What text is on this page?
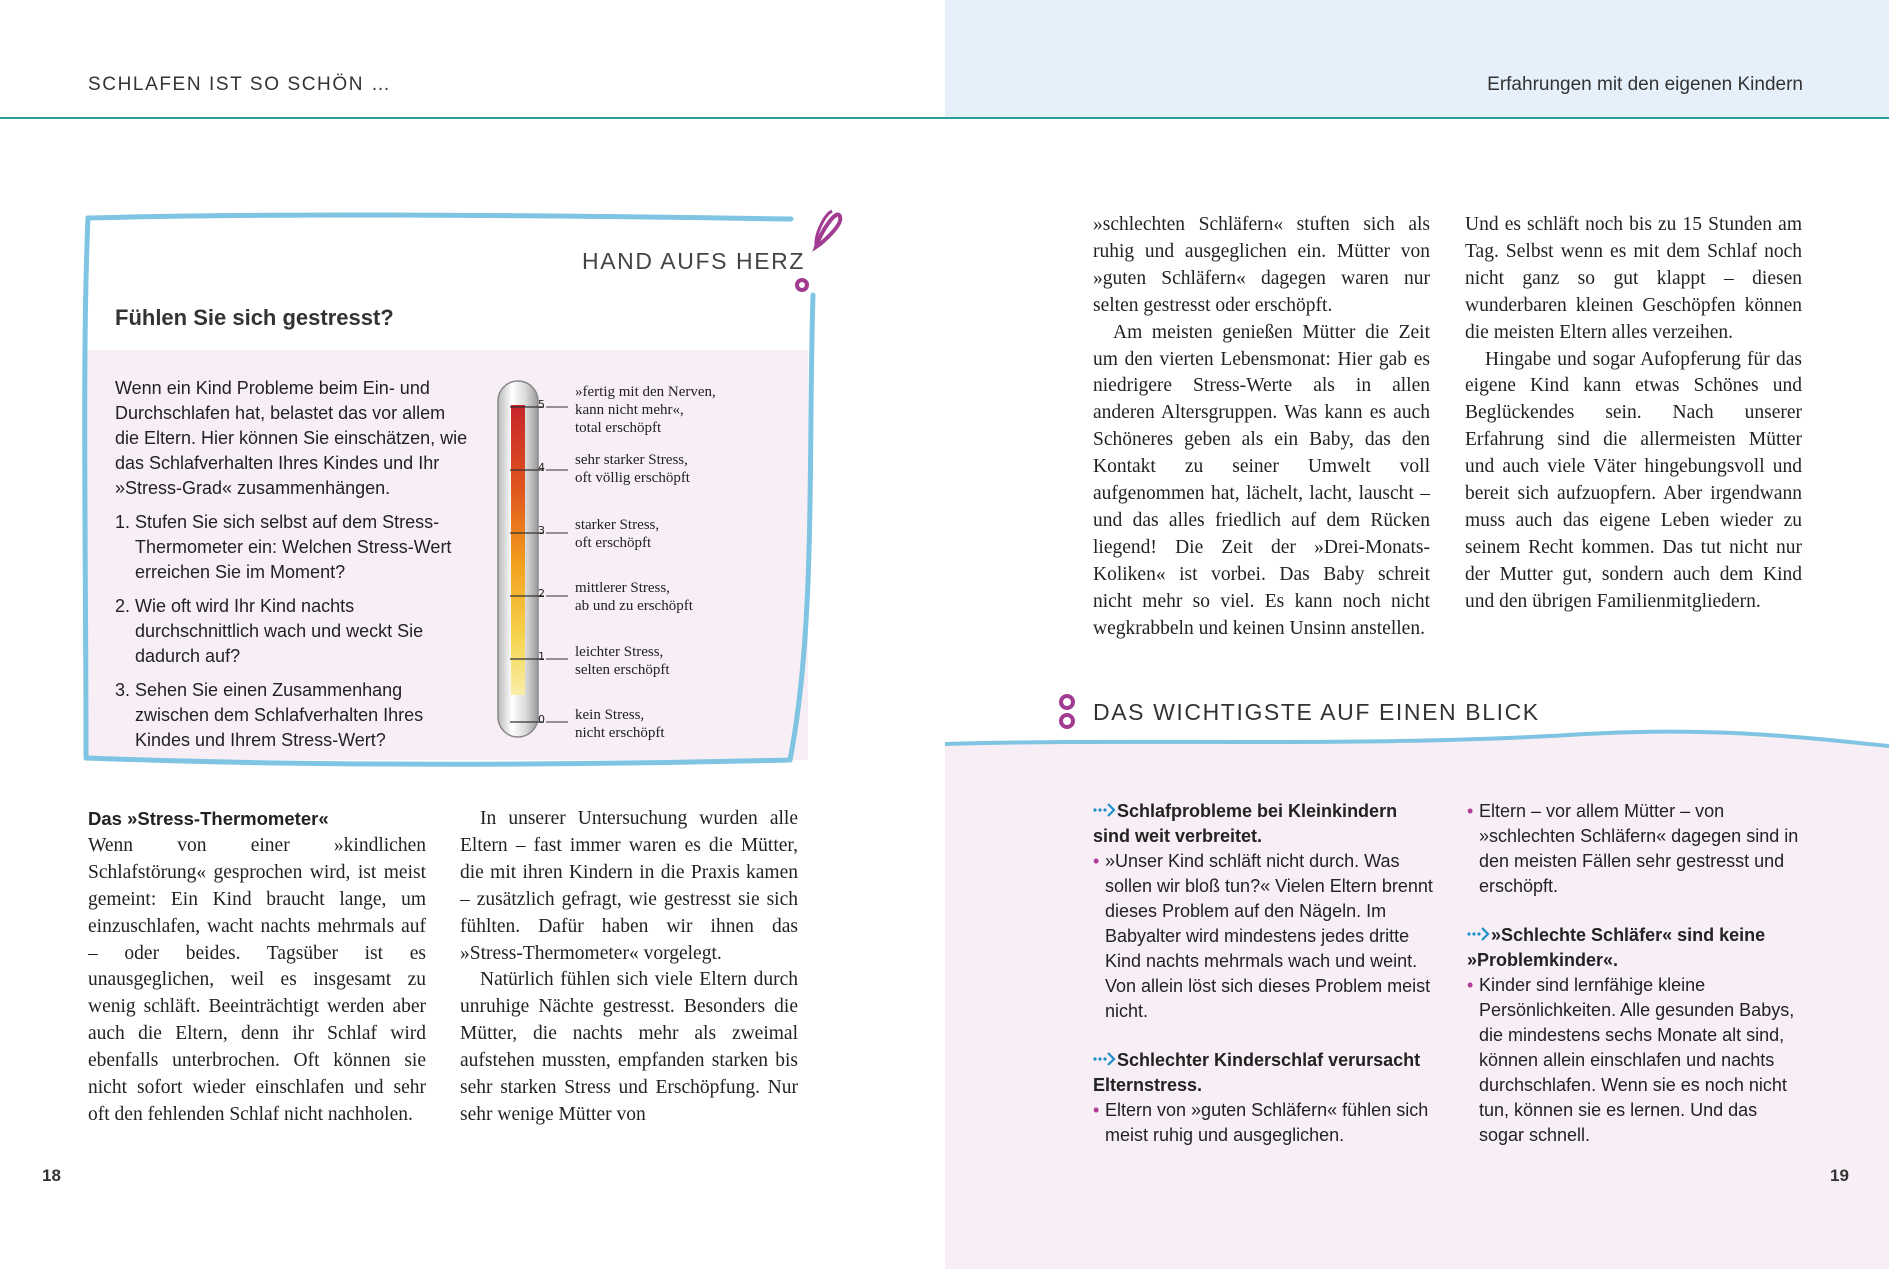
SCHLAFEN IST SO SCHÖN …	Erfahrungen mit den eigenen Kindern
HAND AUFS HERZ
Fühlen Sie sich gestresst?

Wenn ein Kind Probleme beim Ein- und Durchschlafen hat, belastet das vor allem die Eltern. Hier können Sie einschätzen, wie das Schlafverhalten Ihres Kindes und Ihr »Stress-Grad« zusammenhängen.

1. Stufen Sie sich selbst auf dem Stress-Thermometer ein: Welchen Stress-Wert erreichen Sie im Moment?
2. Wie oft wird Ihr Kind nachts durchschnittlich wach und weckt Sie dadurch auf?
3. Sehen Sie einen Zusammenhang zwischen dem Schlafverhalten Ihres Kindes und Ihrem Stress-Wert?
5
4
3
2
1
0
»fertig mit den Nerven,
kann nicht mehr«,
total erschöpft
sehr starker Stress,
oft völlig erschöpft
starker Stress,
oft erschöpft
mittlerer Stress,
ab und zu erschöpft
leichter Stress,
selten erschöpft
kein Stress,
nicht erschöpft
Das »Stress-Thermometer«

Wenn von einer »kindlichen Schlafstörung« gesprochen wird, ist meist gemeint: Ein Kind braucht lange, um einzuschlafen, wacht nachts mehrmals auf – oder beides. Tagsüber ist es unausgeglichen, weil es insgesamt zu wenig schläft. Beeinträchtigt werden aber auch die Eltern, denn ihr Schlaf wird ebenfalls unterbrochen. Oft können sie nicht sofort wieder einschlafen und sehr oft den fehlenden Schlaf nicht nachholen.

In unserer Untersuchung wurden alle Eltern – fast immer waren es die Mütter, die mit ihren Kindern in die Praxis kamen – zusätzlich gefragt, wie gestresst sie sich fühlten. Dafür haben wir ihnen das »Stress-Thermometer« vorgelegt.

Natürlich fühlen sich viele Eltern durch unruhige Nächte gestresst. Besonders die Mütter, die nachts mehr als zweimal aufstehen mussten, empfanden starken bis sehr starken Stress und Erschöpfung. Nur sehr wenige Mütter von

»schlechten Schläfern« stuften sich als ruhig und ausgeglichen ein. Mütter von »guten Schläfern« dagegen waren nur selten gestresst oder erschöpft.

Am meisten genießen Mütter die Zeit um den vierten Lebensmonat: Hier gab es niedrigere Stress-Werte als in allen anderen Altersgruppen. Was kann es auch Schöneres geben als ein Baby, das den Kontakt zu seiner Umwelt voll aufgenommen hat, lächelt, lacht, lauscht – und das alles friedlich auf dem Rücken liegend! Die Zeit der »Drei-Monats-Koliken« ist vorbei. Das Baby schreit nicht mehr so viel. Es kann noch nicht wegkrabbeln und keinen Unsinn anstellen.

Und es schläft noch bis zu 15 Stunden am Tag. Selbst wenn es mit dem Schlaf noch nicht ganz so gut klappt – diesen wunderbaren kleinen Geschöpfen können die meisten Eltern alles verzeihen.

Hingabe und sogar Aufopferung für das eigene Kind kann etwas Schönes und Beglückendes sein. Nach unserer Erfahrung sind die allermeisten Mütter und auch viele Väter hingebungsvoll und bereit sich aufzuopfern. Aber irgendwann muss auch das eigene Leben wieder zu seinem Recht kommen. Das tut nicht nur der Mutter gut, sondern auch dem Kind und den übrigen Familienmitgliedern.

DAS WICHTIGSTE AUF EINEN BLICK
Schlafprobleme bei Kleinkindern sind weit verbreitet.
• »Unser Kind schläft nicht durch. Was sollen wir bloß tun?« Vielen Eltern brennt dieses Problem auf den Nägeln. Im Babyalter wird mindestens jedes dritte Kind nachts mehrmals wach und weint. Von allein löst sich dieses Problem meist nicht.
Schlechter Kinderschlaf verursacht Elternstress.
• Eltern von »guten Schläfern« fühlen sich meist ruhig und ausgeglichen.
• Eltern – vor allem Mütter – von »schlechten Schläfern« dagegen sind in den meisten Fällen sehr gestresst und erschöpft.
»Schlechte Schläfer« sind keine »Problemkinder«.
• Kinder sind lernfähige kleine Persönlichkeiten. Alle gesunden Babys, die mindestens sechs Monate alt sind, können allein einschlafen und nachts durchschlafen. Wenn sie es noch nicht tun, können sie es lernen. Und das sogar schnell.
18	19
